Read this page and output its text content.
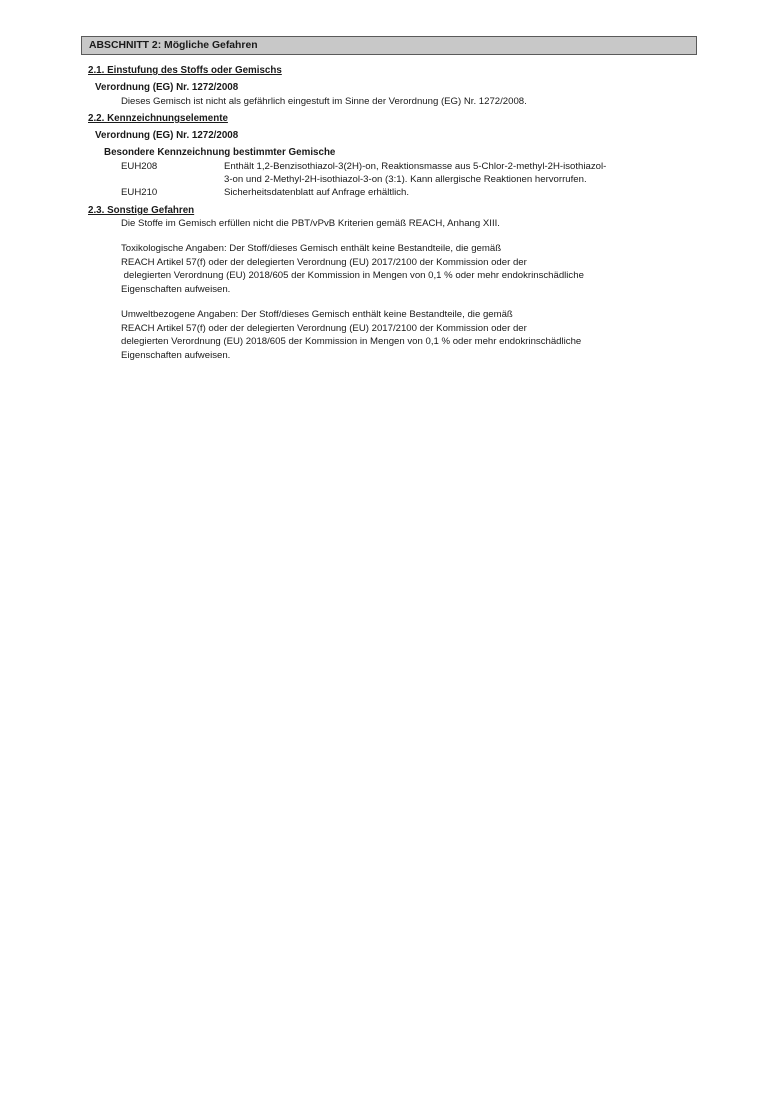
ABSCHNITT 2: Mögliche Gefahren
2.1. Einstufung des Stoffs oder Gemischs
Verordnung (EG) Nr. 1272/2008
Dieses Gemisch ist nicht als gefährlich eingestuft im Sinne der Verordnung (EG) Nr. 1272/2008.
2.2. Kennzeichnungselemente
Verordnung (EG) Nr. 1272/2008
Besondere Kennzeichnung bestimmter Gemische
EUH208	Enthält 1,2-Benzisothiazol-3(2H)-on, Reaktionsmasse aus 5-Chlor-2-methyl-2H-isothiazol-
3-on und 2-Methyl-2H-isothiazol-3-on (3:1). Kann allergische Reaktionen hervorrufen.
EUH210	Sicherheitsdatenblatt auf Anfrage erhältlich.
2.3. Sonstige Gefahren
Die Stoffe im Gemisch erfüllen nicht die PBT/vPvB Kriterien gemäß REACH, Anhang XIII.
Toxikologische Angaben: Der Stoff/dieses Gemisch enthält keine Bestandteile, die gemäß
REACH Artikel 57(f) oder der delegierten Verordnung (EU) 2017/2100 der Kommission oder der
delegierten Verordnung (EU) 2018/605 der Kommission in Mengen von 0,1 % oder mehr endokrinschädliche
Eigenschaften aufweisen.
Umweltbezogene Angaben: Der Stoff/dieses Gemisch enthält keine Bestandteile, die gemäß
REACH Artikel 57(f) oder der delegierten Verordnung (EU) 2017/2100 der Kommission oder der
delegierten Verordnung (EU) 2018/605 der Kommission in Mengen von 0,1 % oder mehr endokrinschädliche
Eigenschaften aufweisen.
